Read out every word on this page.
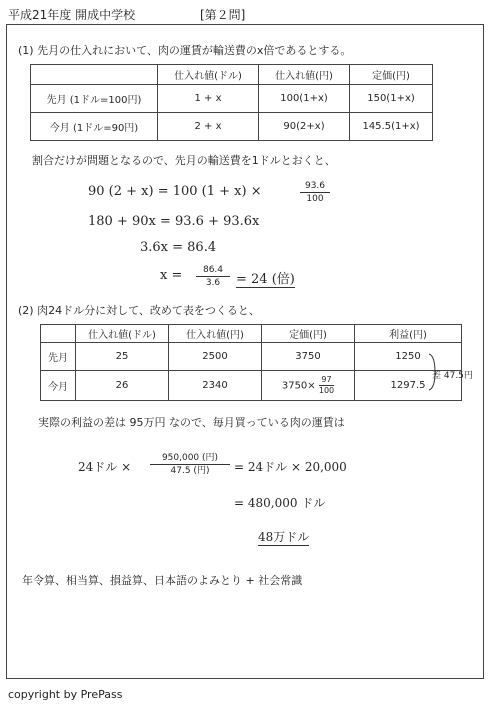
平成21年度 開成中学校	[第２問]
(1) 先月の仕入れにおいて、肉の運賃が輸送費のx倍であるとする。
	仕入れ値(ドル)	仕入れ値(円)	定価(円)
先月 (1ドル=100円)	1 + x	100(1+x)	150(1+x)
今月 (1ドル=90円)	2 + x	90(2+x)	145.5(1+x)
割合だけが問題となるので、先月の輸送費を1ドルとおくと、
90 (2 + x) = 100 (1 + x) ×	$\frac{93.6}{100}$
180 + 90x = 93.6 + 93.6x
3.6x = 86.4
$x = \frac{86.4}{3.6} = 24$ (倍)
(2) 肉24ドル分に対して、改めて表をつくると、
	仕入れ値(ドル)	仕入れ値(円)	定価(円)	利益(円)
先月	25	2500	3750	1250
今月	26	2340	$3750\times \frac{97}{100}$	1297.5
差 47.5円
実際の利益の差は 95万円 なので、毎月買っている肉の運賃は
24ドル ×
950,000 (円)
47.5 (円)	= 24ドル × 20,000
= 480,000 ドル
48万ドル
年令算、相当算、損益算、日本語のよみとり + 社会常識
copyright by PrePass
